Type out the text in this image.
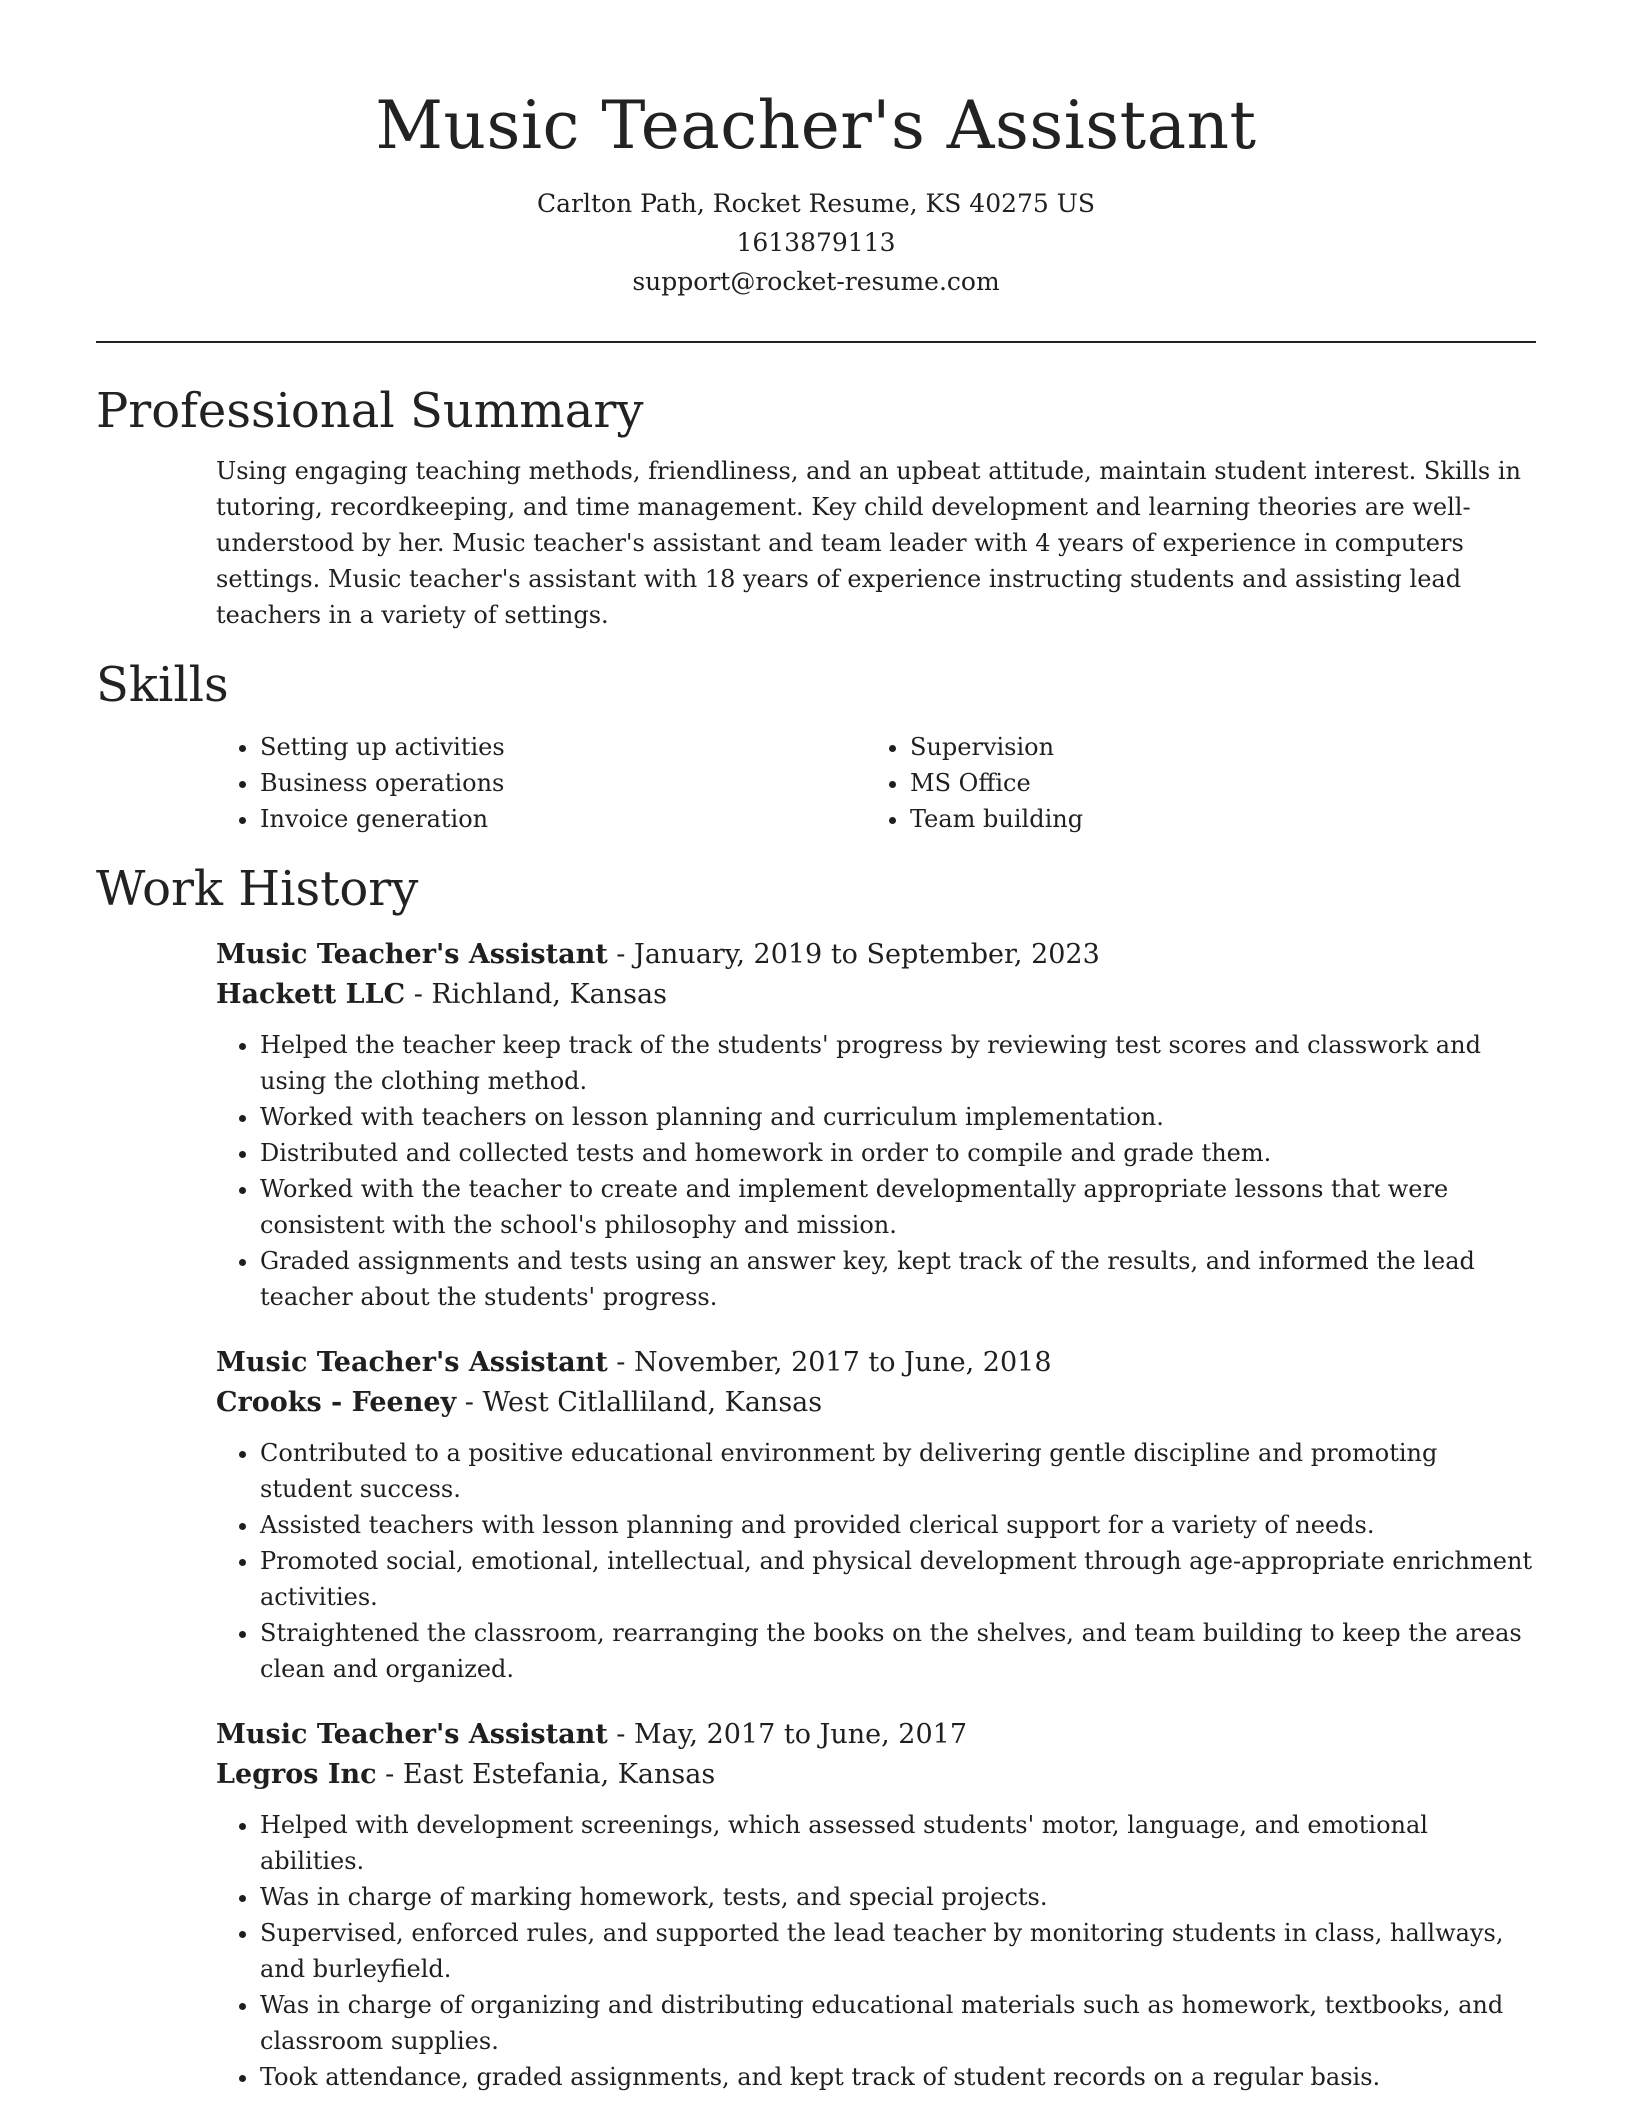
Music Teacher's Assistant

Carlton Path, Rocket Resume, KS 40275 US

1613879113

support@rocket-resume.com

Professional Summary

Using engaging teaching methods, friendliness, and an upbeat attitude, maintain student interest. Skills in tutoring, recordkeeping, and time management. Key child development and learning theories are well-understood by her. Music teacher's assistant and team leader with 4 years of experience in computers settings. Music teacher's assistant with 18 years of experience instructing students and assisting lead teachers in a variety of settings.

Skills
• Setting up activities
• Business operations
• Invoice generation
• Supervision
• MS Office
• Team building
Work History

Music Teacher's Assistant - January, 2019 to September, 2023

Hackett LLC - Richland, Kansas

• Helped the teacher keep track of the students' progress by reviewing test scores and classwork and using the clothing method.
• Worked with teachers on lesson planning and curriculum implementation.
• Distributed and collected tests and homework in order to compile and grade them.
• Worked with the teacher to create and implement developmentally appropriate lessons that were consistent with the school's philosophy and mission.
• Graded assignments and tests using an answer key, kept track of the results, and informed the lead teacher about the students' progress.

Music Teacher's Assistant - November, 2017 to June, 2018

Crooks - Feeney - West Citlalliland, Kansas

• Contributed to a positive educational environment by delivering gentle discipline and promoting student success.
• Assisted teachers with lesson planning and provided clerical support for a variety of needs.
• Promoted social, emotional, intellectual, and physical development through age-appropriate enrichment activities.
• Straightened the classroom, rearranging the books on the shelves, and team building to keep the areas clean and organized.

Music Teacher's Assistant - May, 2017 to June, 2017

Legros Inc - East Estefania, Kansas

• Helped with development screenings, which assessed students' motor, language, and emotional abilities.
• Was in charge of marking homework, tests, and special projects.
• Supervised, enforced rules, and supported the lead teacher by monitoring students in class, hallways, and burleyfield.
• Was in charge of organizing and distributing educational materials such as homework, textbooks, and classroom supplies.
• Took attendance, graded assignments, and kept track of student records on a regular basis.
